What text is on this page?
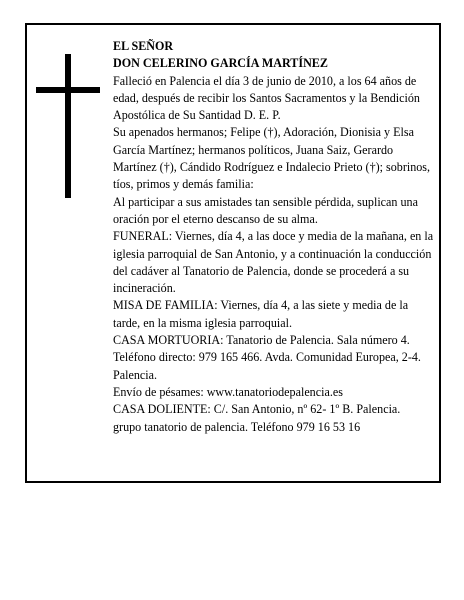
EL SEÑOR

DON CELERINO GARCÍA MARTÍNEZ

Falleció en Palencia el día 3 de junio de 2010, a los 64 años de edad, después de recibir los Santos Sacramentos y la Bendición Apostólica de Su Santidad D. E. P.

Su apenados hermanos; Felipe (†), Adoración, Dionisia y Elsa García Martínez; hermanos políticos, Juana Saiz, Gerardo Martínez (†), Cándido Rodríguez e Indalecio Prieto (†); sobrinos, tíos, primos y demás familia:

Al participar a sus amistades tan sensible pérdida, suplican una oración por el eterno descanso de su alma.

FUNERAL: Viernes, día 4, a las doce y media de la mañana, en la iglesia parroquial de San Antonio, y a continuación la conducción del cadáver al Tanatorio de Palencia, donde se procederá a su incineración.

MISA DE FAMILIA: Viernes, día 4, a las siete y media de la tarde, en la misma iglesia parroquial.

CASA MORTUORIA: Tanatorio de Palencia. Sala número 4. Teléfono directo: 979 165 466. Avda. Comunidad Europea, 2-4. Palencia.

Envío de pésames: www.tanatoriodepalencia.es

CASA DOLIENTE: C/. San Antonio, nº 62- 1º B. Palencia.

grupo tanatorio de palencia. Teléfono 979 16 53 16
